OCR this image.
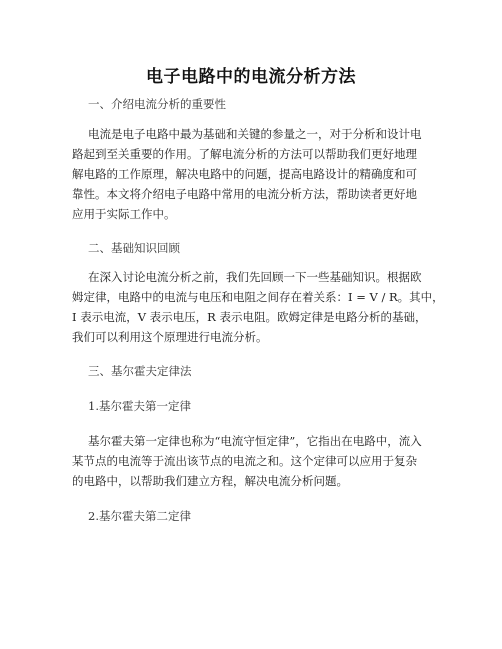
电子电路中的电流分析方法

一、介绍电流分析的重要性

电流是电子电路中最为基础和关键的参量之一，对于分析和设计电

路起到至关重要的作用。了解电流分析的方法可以帮助我们更好地理

解电路的工作原理，解决电路中的问题，提高电路设计的精确度和可

靠性。本文将介绍电子电路中常用的电流分析方法，帮助读者更好地

应用于实际工作中。

二、基础知识回顾

在深入讨论电流分析之前，我们先回顾一下一些基础知识。根据欧

姆定律，电路中的电流与电压和电阻之间存在着关系：I = V / R。其中，

I 表示电流，V 表示电压，R 表示电阻。欧姆定律是电路分析的基础，

我们可以利用这个原理进行电流分析。

三、基尔霍夫定律法

1.基尔霍夫第一定律

基尔霍夫第一定律也称为“电流守恒定律”，它指出在电路中，流入

某节点的电流等于流出该节点的电流之和。这个定律可以应用于复杂

的电路中，以帮助我们建立方程，解决电流分析问题。

2.基尔霍夫第二定律
